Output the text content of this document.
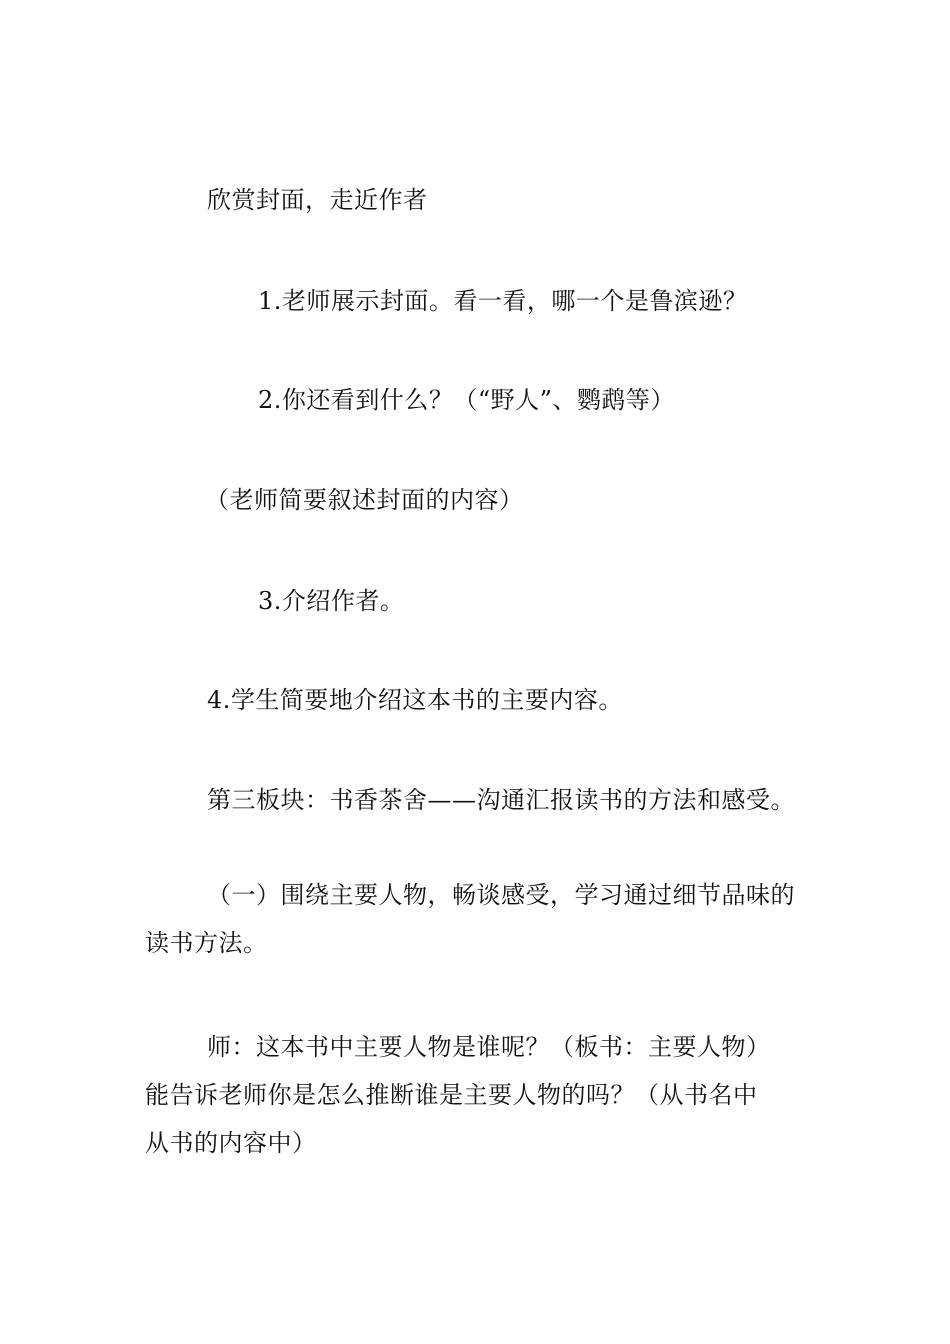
欣赏封面，走近作者
1.老师展示封面。看一看，哪一个是鲁滨逊？
2.你还看到什么？（“野人”、鹦鹉等）
（老师简要叙述封面的内容）
3.介绍作者。
4.学生简要地介绍这本书的主要内容。
第三板块：书香茶舍——沟通汇报读书的方法和感受。
（一）围绕主要人物，畅谈感受，学习通过细节品味的
读书方法。
师：这本书中主要人物是谁呢？（板书：主要人物）
能告诉老师你是怎么推断谁是主要人物的吗？（从书名中
从书的内容中）
